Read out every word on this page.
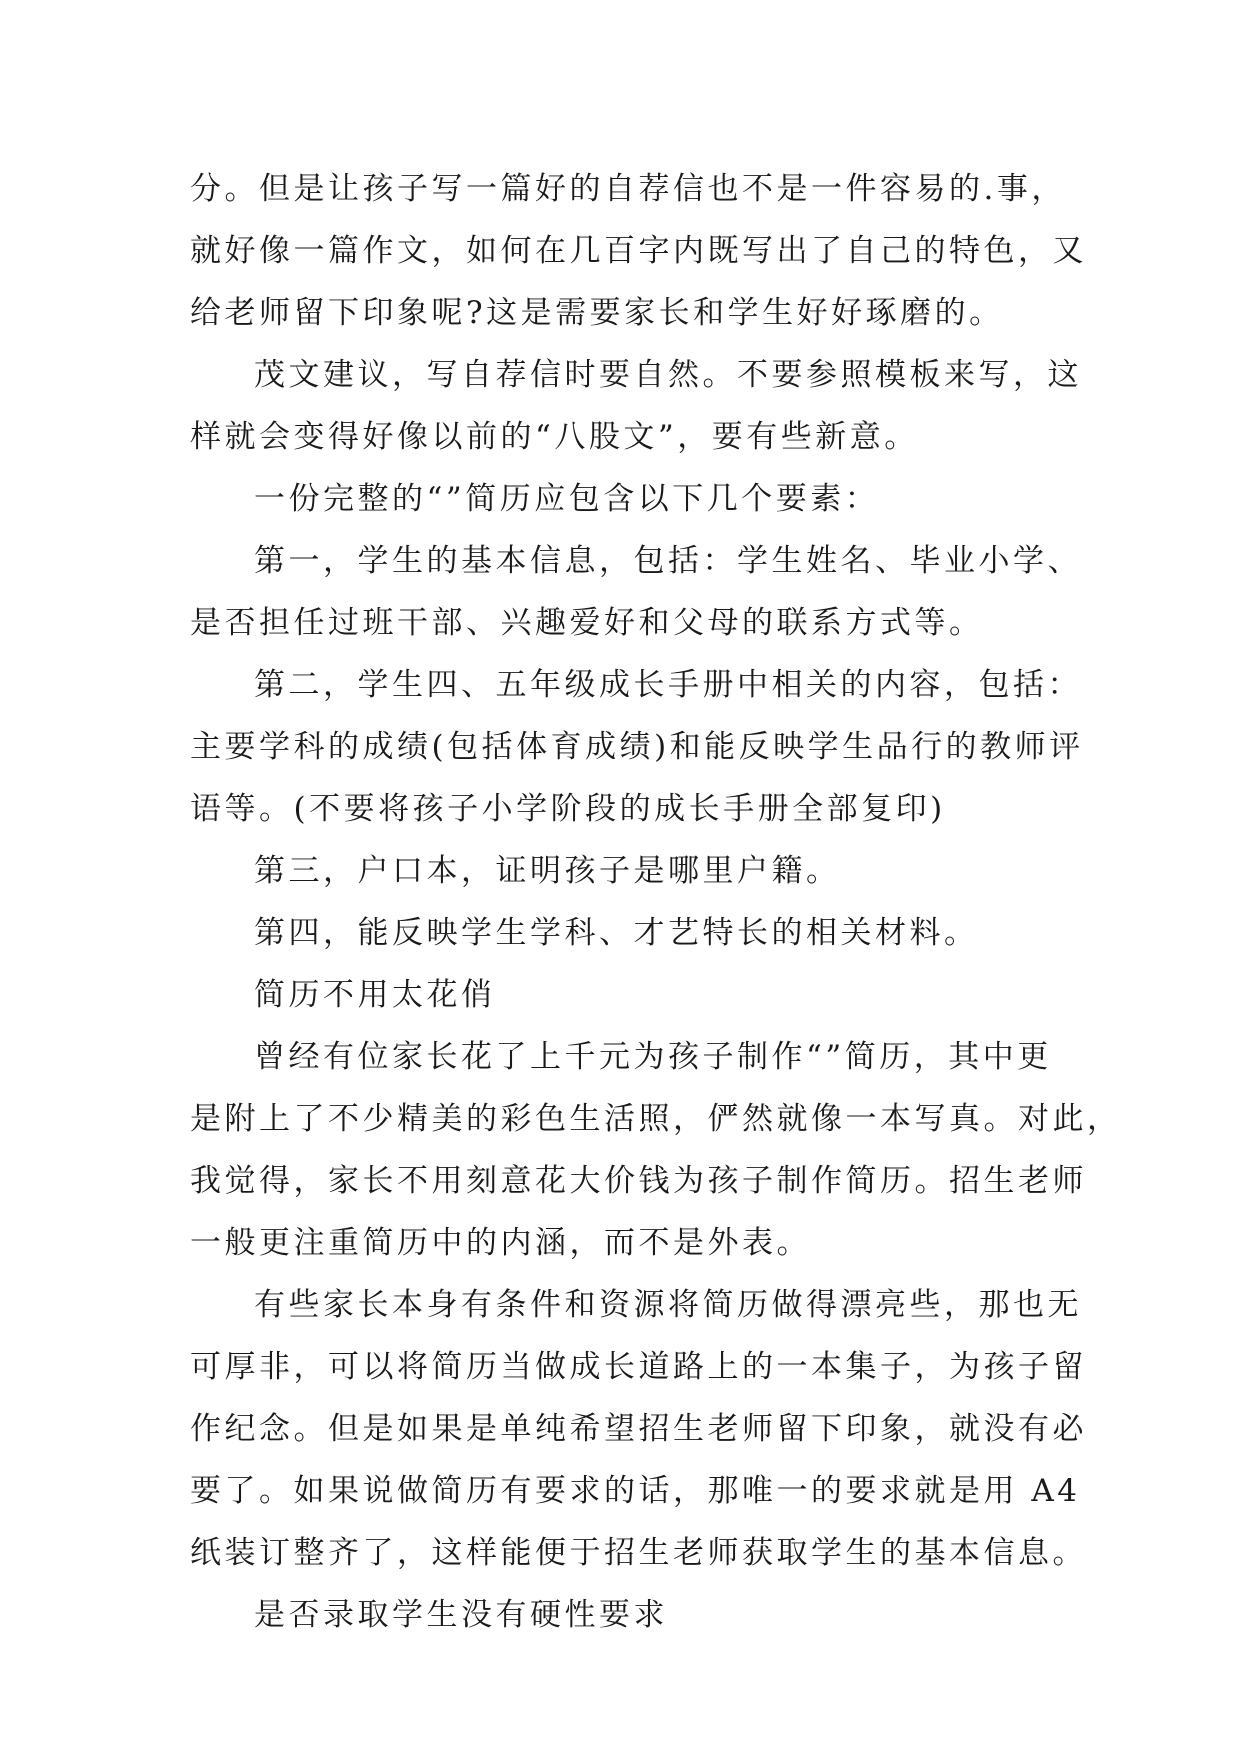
分。但是让孩子写一篇好的自荐信也不是一件容易的.事，
就好像一篇作文，如何在几百字内既写出了自己的特色，又
给老师留下印象呢?这是需要家长和学生好好琢磨的。
茂文建议，写自荐信时要自然。不要参照模板来写，这
样就会变得好像以前的“八股文”，要有些新意。
一份完整的“”简历应包含以下几个要素：
第一，学生的基本信息，包括：学生姓名、毕业小学、
是否担任过班干部、兴趣爱好和父母的联系方式等。
第二，学生四、五年级成长手册中相关的内容，包括：
主要学科的成绩(包括体育成绩)和能反映学生品行的教师评
语等。(不要将孩子小学阶段的成长手册全部复印)
第三，户口本，证明孩子是哪里户籍。
第四，能反映学生学科、才艺特长的相关材料。
简历不用太花俏
曾经有位家长花了上千元为孩子制作“”简历，其中更
是附上了不少精美的彩色生活照，俨然就像一本写真。对此，
我觉得，家长不用刻意花大价钱为孩子制作简历。招生老师
一般更注重简历中的内涵，而不是外表。
有些家长本身有条件和资源将简历做得漂亮些，那也无
可厚非，可以将简历当做成长道路上的一本集子，为孩子留
作纪念。但是如果是单纯希望招生老师留下印象，就没有必
要了。如果说做简历有要求的话，那唯一的要求就是用 A4
纸装订整齐了，这样能便于招生老师获取学生的基本信息。
是否录取学生没有硬性要求
